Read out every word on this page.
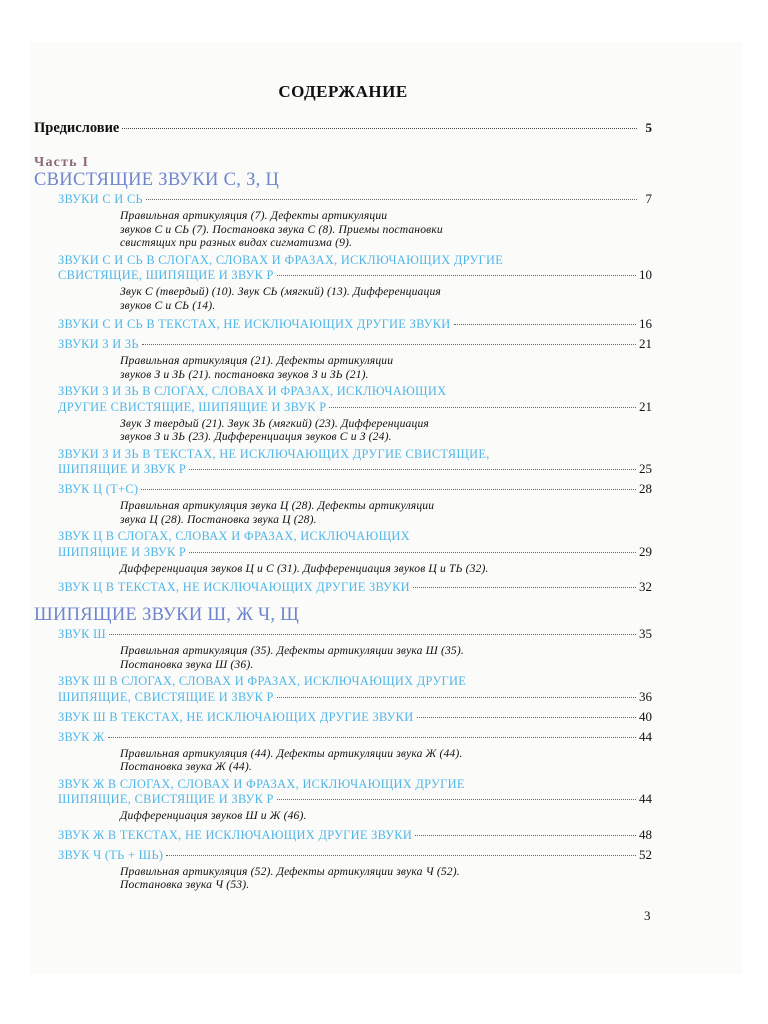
СОДЕРЖАНИЕ
Предисловие	5
Часть I
СВИСТЯЩИЕ ЗВУКИ С, З, Ц
ЗВУКИ С И СЬ	7
Правильная артикуляция (7). Дефекты артикуляции
звуков С и СЬ (7). Постановка звука С (8). Приемы постановки
свистящих при разных видах сигматизма (9).
ЗВУКИ С И СЬ В СЛОГАХ, СЛОВАХ И ФРАЗАХ, ИСКЛЮЧАЮЩИХ ДРУГИЕ
СВИСТЯЩИЕ, ШИПЯЩИЕ И ЗВУК Р	10
Звук С (твердый) (10). Звук СЬ (мягкий) (13). Дифференциация
звуков С и СЬ (14).
ЗВУКИ С И СЬ В ТЕКСТАХ, НЕ ИСКЛЮЧАЮЩИХ ДРУГИЕ ЗВУКИ	16
ЗВУКИ З И ЗЬ	21
Правильная артикуляция (21). Дефекты артикуляции
звуков З и ЗЬ (21). постановка звуков З и ЗЬ (21).
ЗВУКИ З И ЗЬ В СЛОГАХ, СЛОВАХ И ФРАЗАХ, ИСКЛЮЧАЮЩИХ
ДРУГИЕ СВИСТЯЩИЕ, ШИПЯЩИЕ И ЗВУК Р	21
Звук З твердый (21). Звук ЗЬ (мягкий) (23). Дифференциация
звуков З и ЗЬ (23). Дифференциация звуков С и З (24).
ЗВУКИ З И ЗЬ В ТЕКСТАХ, НЕ ИСКЛЮЧАЮЩИХ ДРУГИЕ СВИСТЯЩИЕ,
ШИПЯЩИЕ И ЗВУК Р	25
ЗВУК Ц (Т+С)	28
Правильная артикуляция звука Ц (28). Дефекты артикуляции
звука Ц (28). Постановка звука Ц (28).
ЗВУК Ц В СЛОГАХ, СЛОВАХ И ФРАЗАХ, ИСКЛЮЧАЮЩИХ
ШИПЯЩИЕ И ЗВУК Р	29
Дифференциация звуков Ц и С (31). Дифференциация звуков Ц и ТЬ (32).
ЗВУК Ц В ТЕКСТАХ, НЕ ИСКЛЮЧАЮЩИХ ДРУГИЕ ЗВУКИ	32
ШИПЯЩИЕ ЗВУКИ Ш, Ж Ч, Щ
ЗВУК Ш	35
Правильная артикуляция (35). Дефекты артикуляции звука Ш (35).
Постановка звука Ш (36).
ЗВУК Ш В СЛОГАХ, СЛОВАХ И ФРАЗАХ, ИСКЛЮЧАЮЩИХ ДРУГИЕ
ШИПЯЩИЕ, СВИСТЯЩИЕ И ЗВУК Р	36
ЗВУК Ш В ТЕКСТАХ, НЕ ИСКЛЮЧАЮЩИХ ДРУГИЕ ЗВУКИ	40
ЗВУК Ж	44
Правильная артикуляция (44). Дефекты артикуляции звука Ж (44).
Постановка звука Ж (44).
ЗВУК Ж В СЛОГАХ, СЛОВАХ И ФРАЗАХ, ИСКЛЮЧАЮЩИХ ДРУГИЕ
ШИПЯЩИЕ, СВИСТЯЩИЕ И ЗВУК Р	44
Дифференциация звуков Ш и Ж (46).
ЗВУК Ж В ТЕКСТАХ, НЕ ИСКЛЮЧАЮЩИХ ДРУГИЕ ЗВУКИ	48
ЗВУК Ч (ТЬ + ШЬ)	52
Правильная артикуляция (52). Дефекты артикуляции звука Ч (52).
Постановка звука Ч (53).
3
